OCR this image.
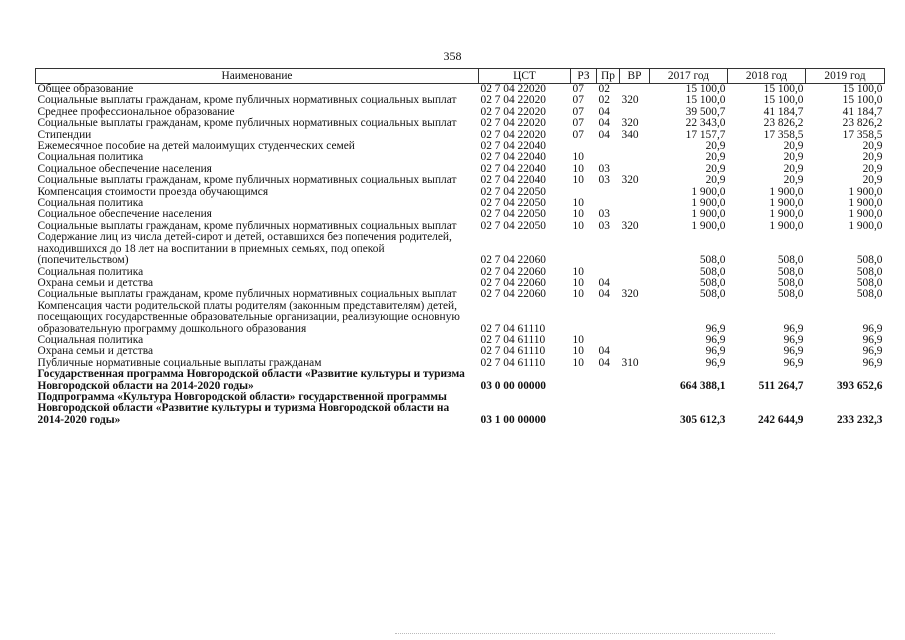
358
Наименование	ЦСТ	РЗ	Пр	ВР	2017 год	2018 год	2019 год
Общее образование	02 7 04 22020	07	02		15 100,0	15 100,0	15 100,0
Социальные выплаты гражданам, кроме публичных нормативных социальных выплат	02 7 04 22020	07	02	320	15 100,0	15 100,0	15 100,0
Среднее профессиональное образование	02 7 04 22020	07	04		39 500,7	41 184,7	41 184,7
Социальные выплаты гражданам, кроме публичных нормативных социальных выплат	02 7 04 22020	07	04	320	22 343,0	23 826,2	23 826,2
Стипендии	02 7 04 22020	07	04	340	17 157,7	17 358,5	17 358,5
Ежемесячное пособие на детей малоимущих студенческих семей	02 7 04 22040				20,9	20,9	20,9
Социальная политика	02 7 04 22040	10			20,9	20,9	20,9
Социальное обеспечение населения	02 7 04 22040	10	03		20,9	20,9	20,9
Социальные выплаты гражданам, кроме публичных нормативных социальных выплат	02 7 04 22040	10	03	320	20,9	20,9	20,9
Компенсация стоимости проезда обучающимся	02 7 04 22050				1 900,0	1 900,0	1 900,0
Социальная политика	02 7 04 22050	10			1 900,0	1 900,0	1 900,0
Социальное обеспечение населения	02 7 04 22050	10	03		1 900,0	1 900,0	1 900,0
Социальные выплаты гражданам, кроме публичных нормативных социальных выплат	02 7 04 22050	10	03	320	1 900,0	1 900,0	1 900,0
Содержание лиц из числа детей-сирот и детей, оставшихся без попечения родителей, находившихся до 18 лет на воспитании в приемных семьях, под опекой (попечительством)	02 7 04 22060				508,0	508,0	508,0
Социальная политика	02 7 04 22060	10			508,0	508,0	508,0
Охрана семьи и детства	02 7 04 22060	10	04		508,0	508,0	508,0
Социальные выплаты гражданам, кроме публичных нормативных социальных выплат	02 7 04 22060	10	04	320	508,0	508,0	508,0
Компенсация части родительской платы родителям (законным представителям) детей, посещающих государственные образовательные организации, реализующие основную образовательную программу дошкольного образования	02 7 04 61110				96,9	96,9	96,9
Социальная политика	02 7 04 61110	10			96,9	96,9	96,9
Охрана семьи и детства	02 7 04 61110	10	04		96,9	96,9	96,9
Публичные нормативные социальные выплаты гражданам	02 7 04 61110	10	04	310	96,9	96,9	96,9
Государственная программа Новгородской области «Развитие культуры и туризма Новгородской области на 2014-2020 годы»	03 0 00 00000				664 388,1	511 264,7	393 652,6
Подпрограмма «Культура Новгородской области» государственной программы Новгородской области «Развитие культуры и туризма Новгородской области на 2014-2020 годы»	03 1 00 00000				305 612,3	242 644,9	233 232,3
